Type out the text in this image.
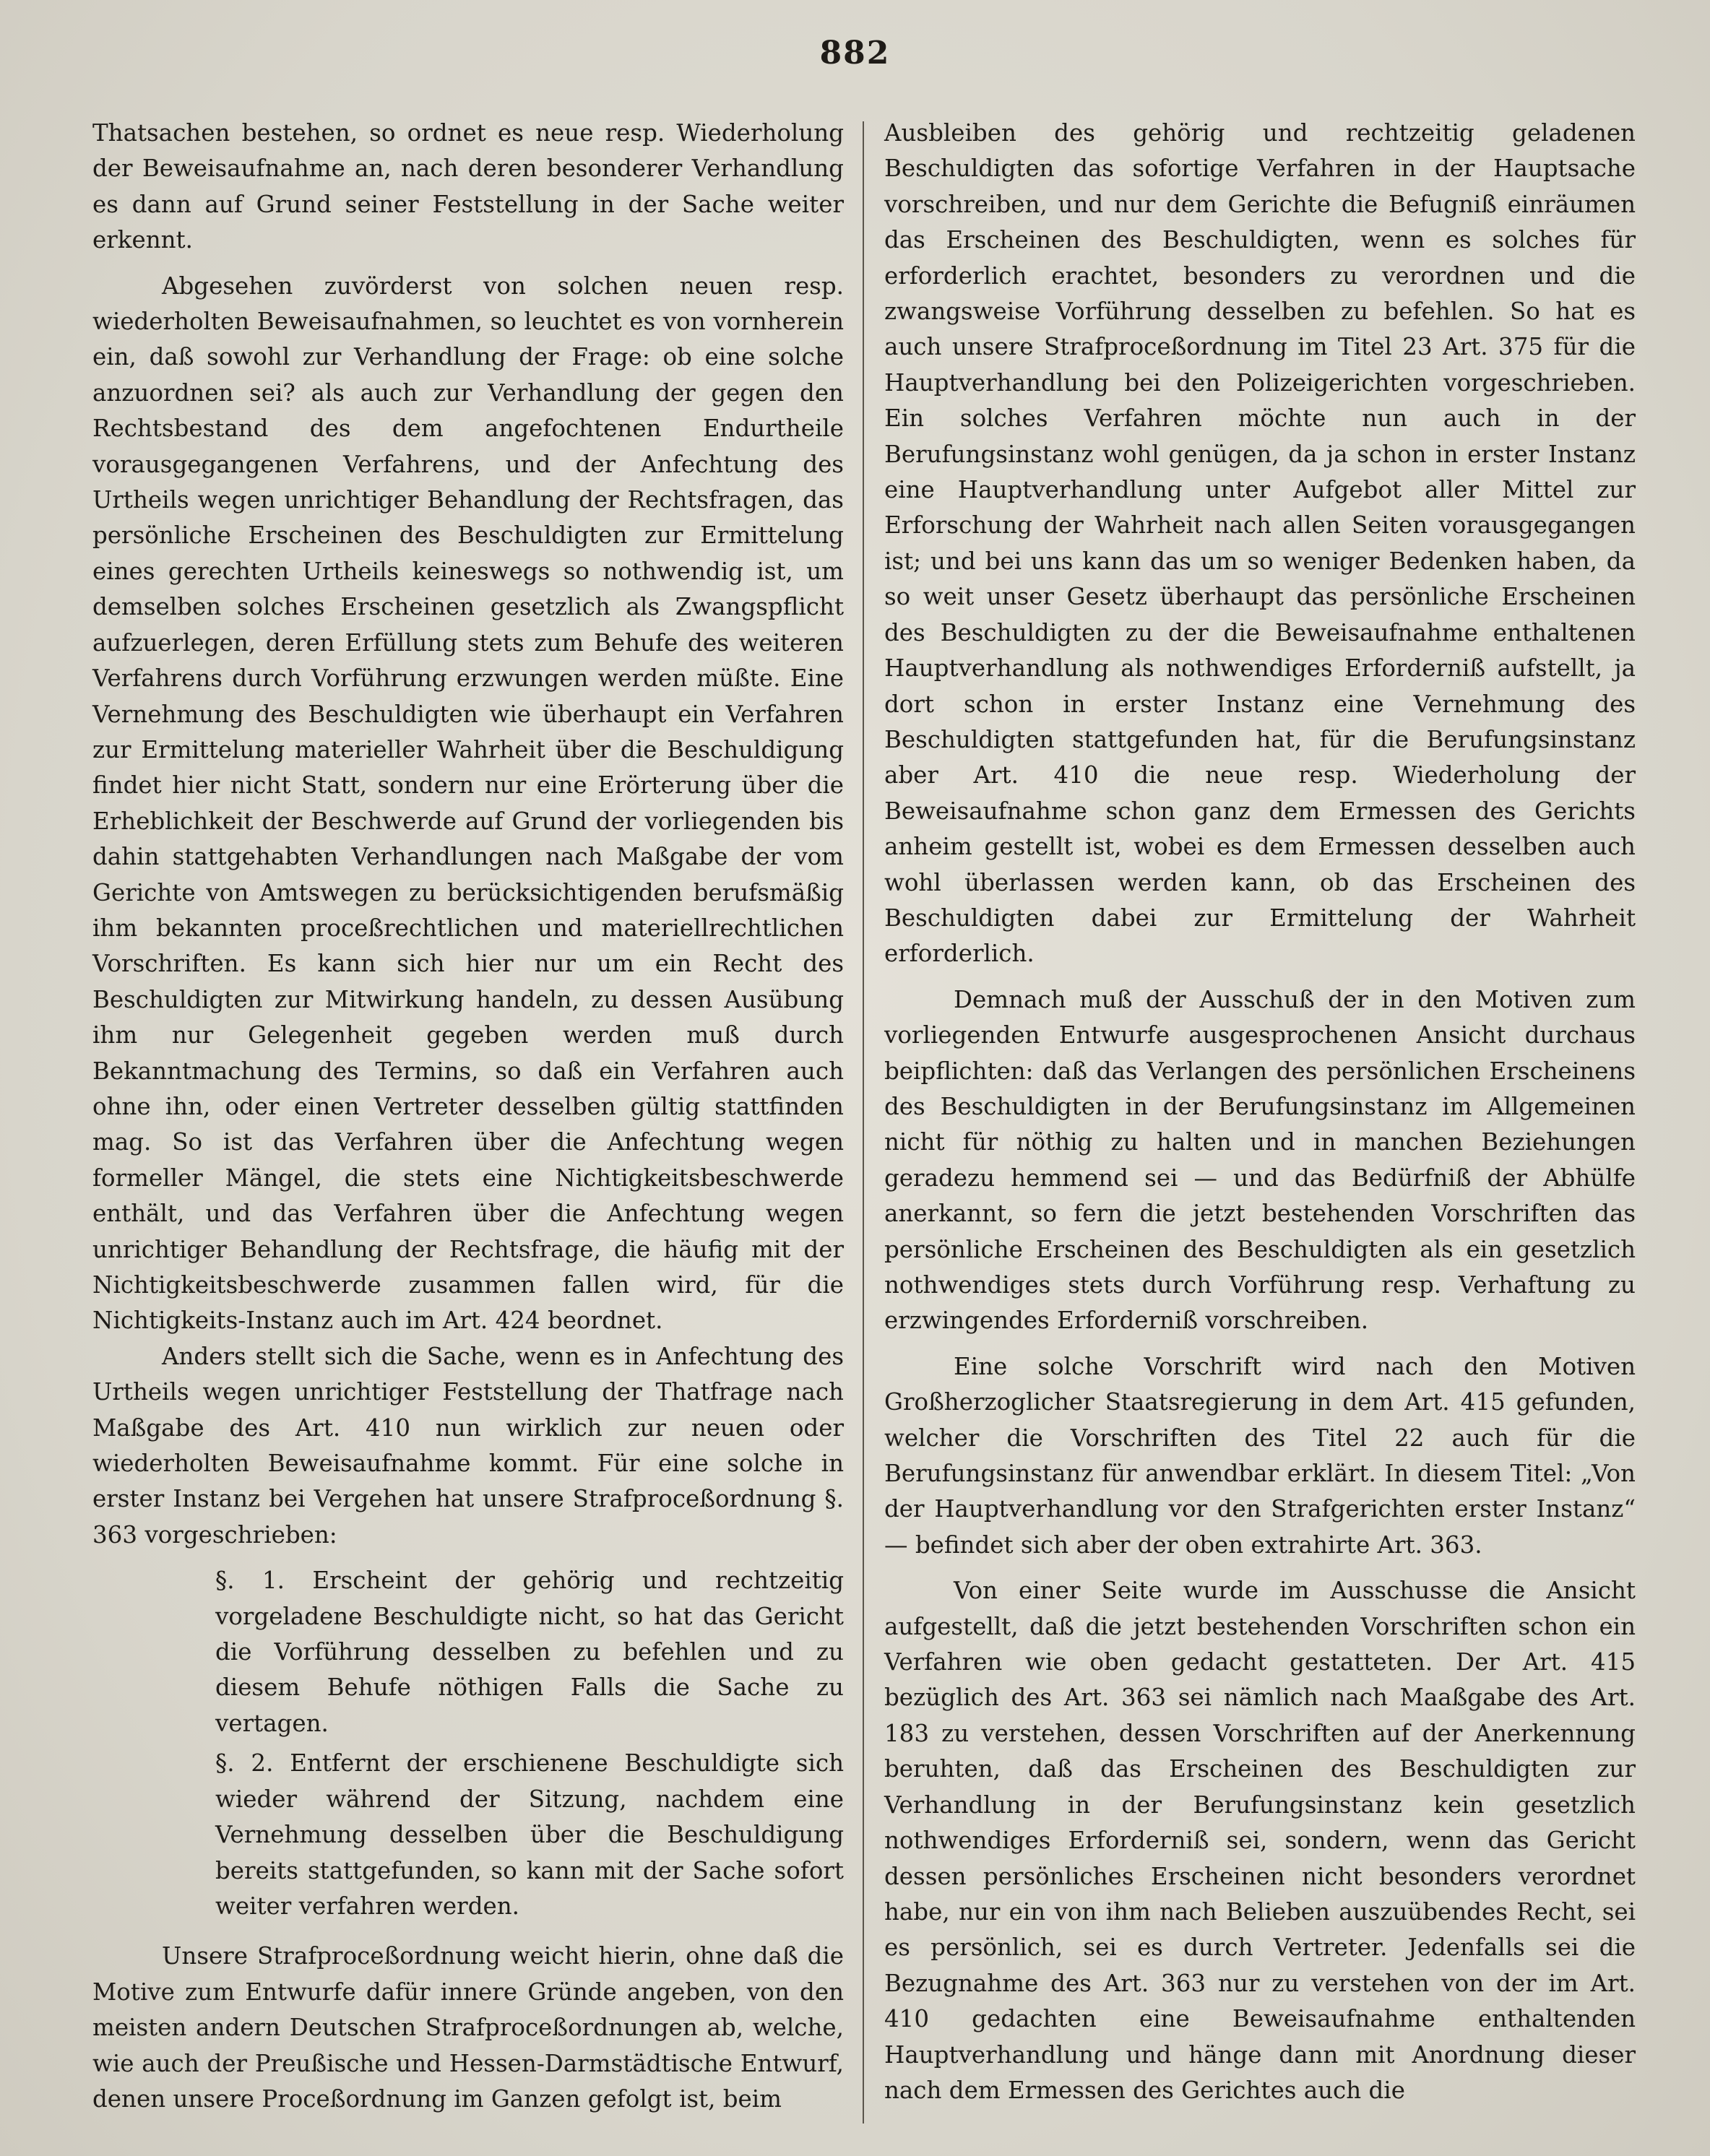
882

Thatsachen bestehen, so ordnet es neue resp. Wiederholung der Beweisaufnahme an, nach deren besonderer Verhandlung es dann auf Grund seiner Feststellung in der Sache weiter erkennt.

Abgesehen zuvörderst von solchen neuen resp. wiederholten Beweisaufnahmen, so leuchtet es von vornherein ein, daß sowohl zur Verhandlung der Frage: ob eine solche anzuordnen sei? als auch zur Verhandlung der gegen den Rechtsbestand des dem angefochtenen Endurtheile vorausgegangenen Verfahrens, und der Anfechtung des Urtheils wegen unrichtiger Behandlung der Rechtsfragen, das persönliche Erscheinen des Beschuldigten zur Ermittelung eines gerechten Urtheils keineswegs so nothwendig ist, um demselben solches Erscheinen gesetzlich als Zwangspflicht aufzuerlegen, deren Erfüllung stets zum Behufe des weiteren Verfahrens durch Vorführung erzwungen werden müßte. Eine Vernehmung des Beschuldigten wie überhaupt ein Verfahren zur Ermittelung materieller Wahrheit über die Beschuldigung findet hier nicht Statt, sondern nur eine Erörterung über die Erheblichkeit der Beschwerde auf Grund der vorliegenden bis dahin stattgehabten Verhandlungen nach Maßgabe der vom Gerichte von Amtswegen zu berücksichtigenden berufsmäßig ihm bekannten proceßrechtlichen und materiellrechtlichen Vorschriften. Es kann sich hier nur um ein Recht des Beschuldigten zur Mitwirkung handeln, zu dessen Ausübung ihm nur Gelegenheit gegeben werden muß durch Bekanntmachung des Termins, so daß ein Verfahren auch ohne ihn, oder einen Vertreter desselben gültig stattfinden mag. So ist das Verfahren über die Anfechtung wegen formeller Mängel, die stets eine Nichtigkeitsbeschwerde enthält, und das Verfahren über die Anfechtung wegen unrichtiger Behandlung der Rechtsfrage, die häufig mit der Nichtigkeitsbeschwerde zusammen fallen wird, für die Nichtigkeits-Instanz auch im Art. 424 beordnet.

Anders stellt sich die Sache, wenn es in Anfechtung des Urtheils wegen unrichtiger Feststellung der Thatfrage nach Maßgabe des Art. 410 nun wirklich zur neuen oder wiederholten Beweisaufnahme kommt. Für eine solche in erster Instanz bei Vergehen hat unsere Strafproceßordnung §. 363 vorgeschrieben:

§. 1. Erscheint der gehörig und rechtzeitig vorgeladene Beschuldigte nicht, so hat das Gericht die Vorführung desselben zu befehlen und zu diesem Behufe nöthigen Falls die Sache zu vertagen.

§. 2. Entfernt der erschienene Beschuldigte sich wieder während der Sitzung, nachdem eine Vernehmung desselben über die Beschuldigung bereits stattgefunden, so kann mit der Sache sofort weiter verfahren werden.

Unsere Strafproceßordnung weicht hierin, ohne daß die Motive zum Entwurfe dafür innere Gründe angeben, von den meisten andern Deutschen Strafproceßordnungen ab, welche, wie auch der Preußische und Hessen-Darmstädtische Entwurf, denen unsere Proceßordnung im Ganzen gefolgt ist, beim

Ausbleiben des gehörig und rechtzeitig geladenen Beschuldigten das sofortige Verfahren in der Hauptsache vorschreiben, und nur dem Gerichte die Befugniß einräumen das Erscheinen des Beschuldigten, wenn es solches für erforderlich erachtet, besonders zu verordnen und die zwangsweise Vorführung desselben zu befehlen. So hat es auch unsere Strafproceßordnung im Titel 23 Art. 375 für die Hauptverhandlung bei den Polizeigerichten vorgeschrieben. Ein solches Verfahren möchte nun auch in der Berufungsinstanz wohl genügen, da ja schon in erster Instanz eine Hauptverhandlung unter Aufgebot aller Mittel zur Erforschung der Wahrheit nach allen Seiten vorausgegangen ist; und bei uns kann das um so weniger Bedenken haben, da so weit unser Gesetz überhaupt das persönliche Erscheinen des Beschuldigten zu der die Beweisaufnahme enthaltenen Hauptverhandlung als nothwendiges Erforderniß aufstellt, ja dort schon in erster Instanz eine Vernehmung des Beschuldigten stattgefunden hat, für die Berufungsinstanz aber Art. 410 die neue resp. Wiederholung der Beweisaufnahme schon ganz dem Ermessen des Gerichts anheim gestellt ist, wobei es dem Ermessen desselben auch wohl überlassen werden kann, ob das Erscheinen des Beschuldigten dabei zur Ermittelung der Wahrheit erforderlich.

Demnach muß der Ausschuß der in den Motiven zum vorliegenden Entwurfe ausgesprochenen Ansicht durchaus beipflichten: daß das Verlangen des persönlichen Erscheinens des Beschuldigten in der Berufungsinstanz im Allgemeinen nicht für nöthig zu halten und in manchen Beziehungen geradezu hemmend sei — und das Bedürfniß der Abhülfe anerkannt, so fern die jetzt bestehenden Vorschriften das persönliche Erscheinen des Beschuldigten als ein gesetzlich nothwendiges stets durch Vorführung resp. Verhaftung zu erzwingendes Erforderniß vorschreiben.

Eine solche Vorschrift wird nach den Motiven Großherzoglicher Staatsregierung in dem Art. 415 gefunden, welcher die Vorschriften des Titel 22 auch für die Berufungsinstanz für anwendbar erklärt. In diesem Titel: „Von der Hauptverhandlung vor den Strafgerichten erster Instanz“ — befindet sich aber der oben extrahirte Art. 363.

Von einer Seite wurde im Ausschusse die Ansicht aufgestellt, daß die jetzt bestehenden Vorschriften schon ein Verfahren wie oben gedacht gestatteten. Der Art. 415 bezüglich des Art. 363 sei nämlich nach Maaßgabe des Art. 183 zu verstehen, dessen Vorschriften auf der Anerkennung beruhten, daß das Erscheinen des Beschuldigten zur Verhandlung in der Berufungsinstanz kein gesetzlich nothwendiges Erforderniß sei, sondern, wenn das Gericht dessen persönliches Erscheinen nicht besonders verordnet habe, nur ein von ihm nach Belieben auszuübendes Recht, sei es persönlich, sei es durch Vertreter. Jedenfalls sei die Bezugnahme des Art. 363 nur zu verstehen von der im Art. 410 gedachten eine Beweisaufnahme enthaltenden Hauptverhandlung und hänge dann mit Anordnung dieser nach dem Ermessen des Gerichtes auch die
